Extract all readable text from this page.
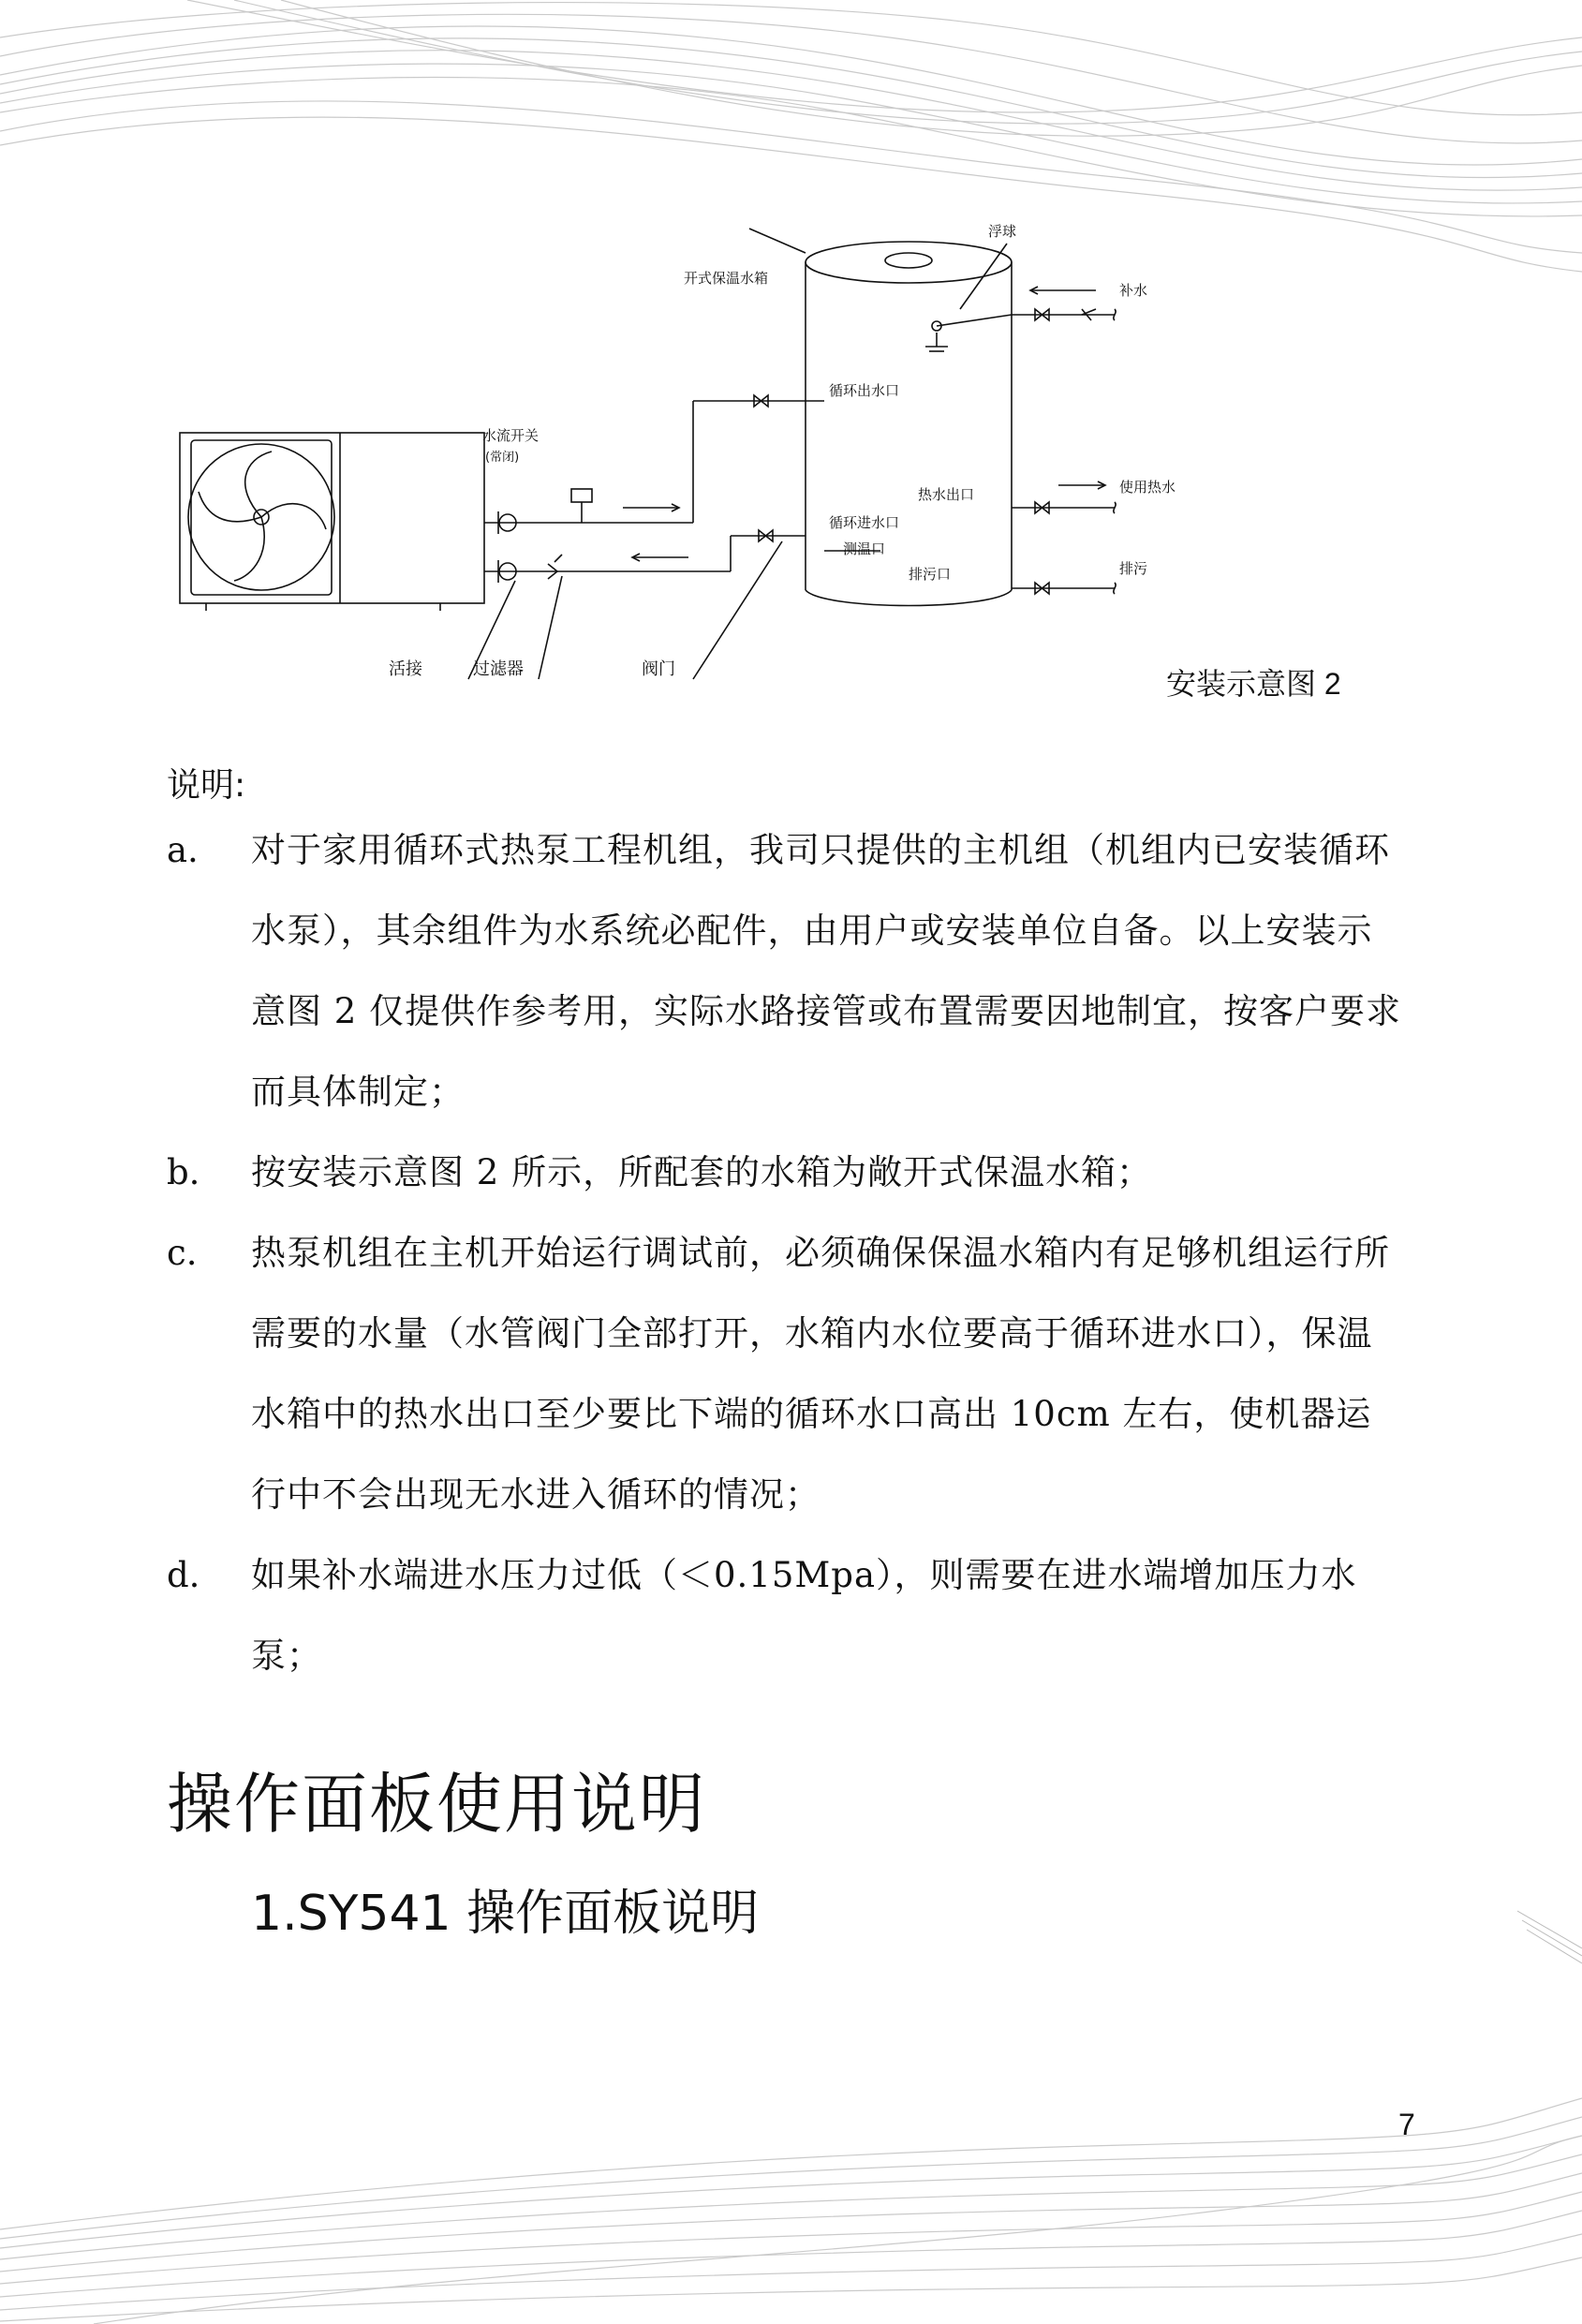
浮球
开式保温水箱
补水
循环出水口
水流开关
(常闭)
热水出口	使用热水
循环进水口
测温口
排污口	排污
活接	过滤器	阀门	安装示意图 2
说明:
a.	对于家用循环式热泵工程机组，我司只提供的主机组（机组内已安装循环水泵），其余组件为水系统必配件，由用户或安装单位自备。以上安装示意图 2 仅提供作参考用，实际水路接管或布置需要因地制宜，按客户要求而具体制定；
b.	按安装示意图 2 所示，所配套的水箱为敞开式保温水箱；
c.	热泵机组在主机开始运行调试前，必须确保保温水箱内有足够机组运行所需要的水量（水管阀门全部打开，水箱内水位要高于循环进水口），保温水箱中的热水出口至少要比下端的循环水口高出 10cm 左右，使机器运行中不会出现无水进入循环的情况；
d.	如果补水端进水压力过低（＜0.15Mpa），则需要在进水端增加压力水泵；
操作面板使用说明
1.SY541 操作面板说明
7
